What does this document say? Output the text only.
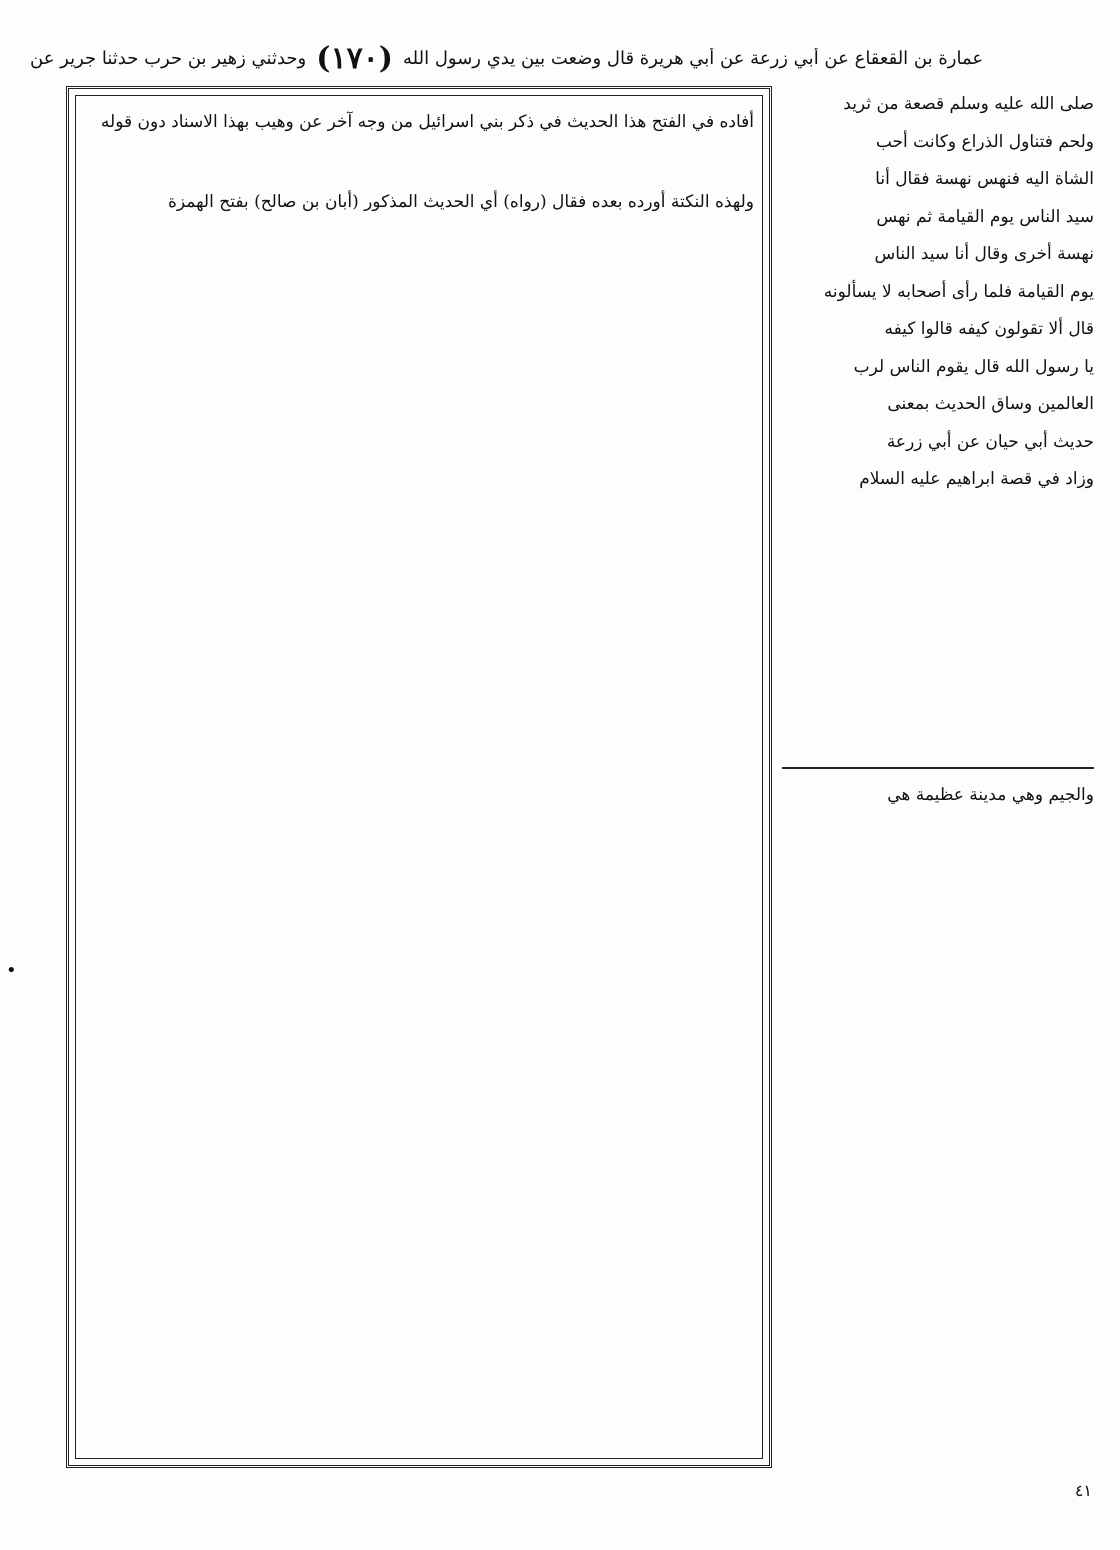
وحدثني زهير بن حرب حدثنا جرير عن (١٧٠) عمارة بن القعقاع عن أبي زرعة عن أبي هريرة قال وضعت بين يدي رسول الله
أفاده في الفتح هذا الحديث في ذكر بني اسرائيل من وجه آخر عن وهيب بهذا الاسناد دون قوله
ولهذه النكتة أورده بعده فقال (رواه) أي الحديث المذكور (أبان بن صالح) بفتح الهمزة
صلى الله عليه وسلم قصعة من ثريد
ولحم فتناول الذراع وكانت أحب
الشاة اليه فنهس نهسة فقال أنا
سيد الناس يوم القيامة ثم نهس
نهسة أخرى وقال أنا سيد الناس
يوم القيامة فلما رأى أصحابه لا يسألونه
قال ألا تقولون كيفه قالوا كيفه
يا رسول الله قال يقوم الناس لرب
العالمين وساق الحديث بمعنى
حديث أبي حيان عن أبي زرعة
وزاد في قصة ابراهيم عليه السلام
والجيم وهي مدينة عظيمة هي
٤١
•
